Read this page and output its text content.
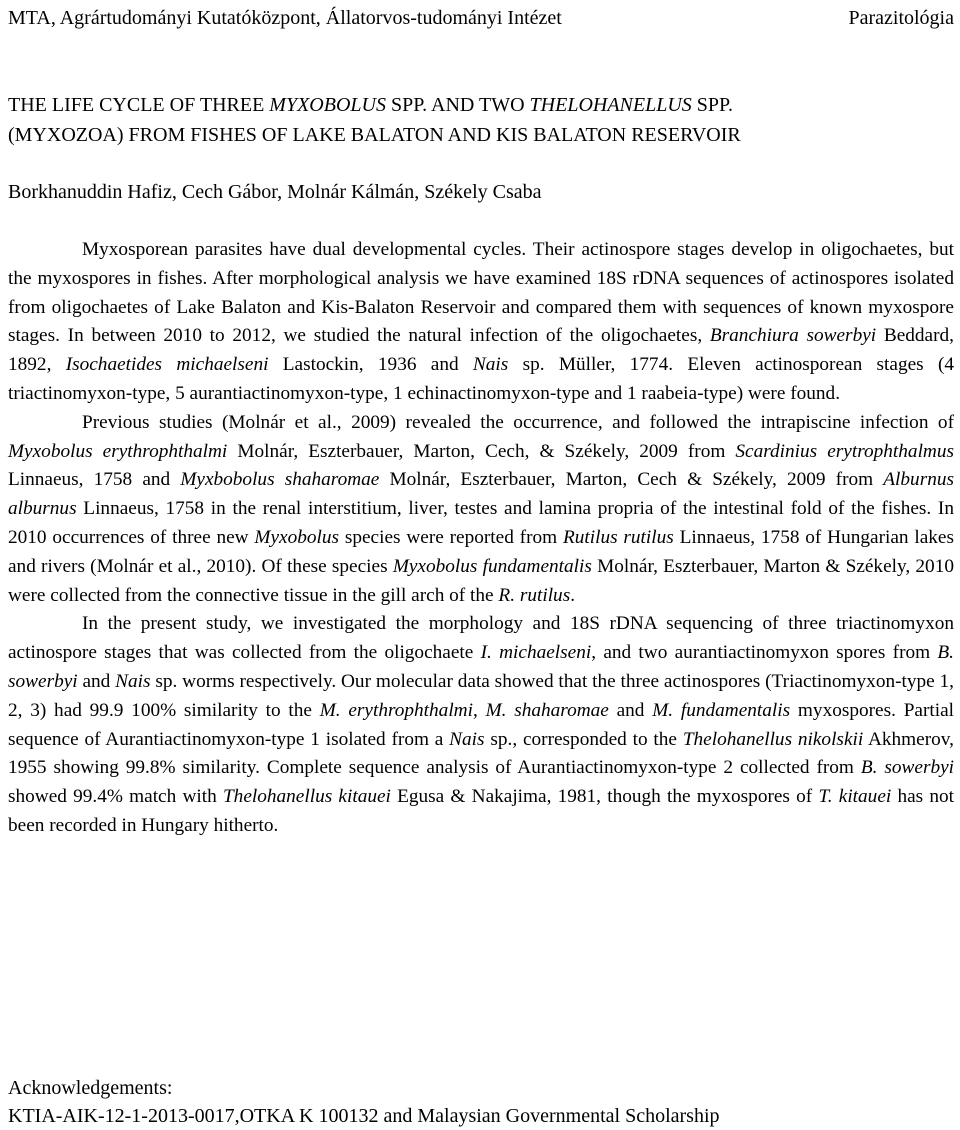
MTA, Agrártudományi Kutatóközpont, Állatorvos-tudományi Intézet	Parazitológia
THE LIFE CYCLE OF THREE MYXOBOLUS SPP. AND TWO THELOHANELLUS SPP.
(MYXOZOA) FROM FISHES OF LAKE BALATON AND KIS BALATON RESERVOIR
Borkhanuddin Hafiz, Cech Gábor, Molnár Kálmán, Székely Csaba

Myxosporean parasites have dual developmental cycles. Their actinospore stages develop in oligochaetes, but the myxospores in fishes. After morphological analysis we have examined 18S rDNA sequences of actinospores isolated from oligochaetes of Lake Balaton and Kis-Balaton Reservoir and compared them with sequences of known myxospore stages. In between 2010 to 2012, we studied the natural infection of the oligochaetes, Branchiura sowerbyi Beddard, 1892, Isochaetides michaelseni Lastockin, 1936 and Nais sp. Müller, 1774. Eleven actinosporean stages (4 triactinomyxon-type, 5 aurantiactinomyxon-type, 1 echinactinomyxon-type and 1 raabeia-type) were found.

Previous studies (Molnár et al., 2009) revealed the occurrence, and followed the intrapiscine infection of Myxobolus erythrophthalmi Molnár, Eszterbauer, Marton, Cech, & Székely, 2009 from Scardinius erytrophthalmus Linnaeus, 1758 and Myxbobolus shaharomae Molnár, Eszterbauer, Marton, Cech & Székely, 2009 from Alburnus alburnus Linnaeus, 1758 in the renal interstitium, liver, testes and lamina propria of the intestinal fold of the fishes. In 2010 occurrences of three new Myxobolus species were reported from Rutilus rutilus Linnaeus, 1758 of Hungarian lakes and rivers (Molnár et al., 2010). Of these species Myxobolus fundamentalis Molnár, Eszterbauer, Marton & Székely, 2010 were collected from the connective tissue in the gill arch of the R. rutilus.

In the present study, we investigated the morphology and 18S rDNA sequencing of three triactinomyxon actinospore stages that was collected from the oligochaete I. michaelseni, and two aurantiactinomyxon spores from B. sowerbyi and Nais sp. worms respectively. Our molecular data showed that the three actinospores (Triactinomyxon-type 1, 2, 3) had 99.9 100% similarity to the M. erythrophthalmi, M. shaharomae and M. fundamentalis myxospores. Partial sequence of Aurantiactinomyxon-type 1 isolated from a Nais sp., corresponded to the Thelohanellus nikolskii Akhmerov, 1955 showing 99.8% similarity. Complete sequence analysis of Aurantiactinomyxon-type 2 collected from B. sowerbyi showed 99.4% match with Thelohanellus kitauei Egusa & Nakajima, 1981, though the myxospores of T. kitauei has not been recorded in Hungary hitherto.

Acknowledgements:
KTIA-AIK-12-1-2013-0017,OTKA K 100132 and Malaysian Governmental Scholarship
